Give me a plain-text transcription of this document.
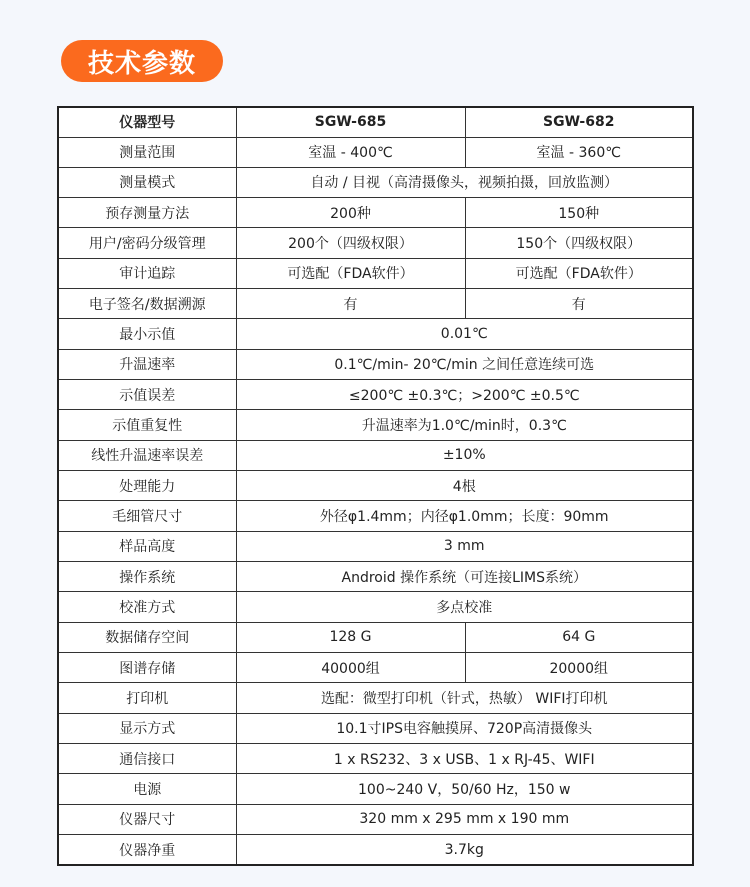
技术参数
仪器型号	SGW-685	SGW-682
测量范围	室温 - 400℃	室温 - 360℃
测量模式	自动 / 目视（高清摄像头，视频拍摄，回放监测）	
预存测量方法	200种	150种
用户/密码分级管理	200个（四级权限）	150个（四级权限）
审计追踪	可选配（FDA软件）	可选配（FDA软件）
电子签名/数据溯源	有	有
最小示值	0.01℃	
升温速率	0.1℃/min- 20℃/min 之间任意连续可选	
示值误差	≤200℃ ±0.3℃；>200℃ ±0.5℃	
示值重复性	升温速率为1.0℃/min时，0.3℃	
线性升温速率误差	±10%	
处理能力	4根	
毛细管尺寸	外径φ1.4mm；内径φ1.0mm；长度：90mm	
样品高度	3 mm	
操作系统	Android 操作系统（可连接LIMS系统）	
校准方式	多点校准	
数据储存空间	128 G	64 G
图谱存储	40000组	20000组
打印机	选配：微型打印机（针式，热敏） WIFI打印机	
显示方式	10.1寸IPS电容触摸屏、720P高清摄像头	
通信接口	1 x RS232、3 x USB、1 x RJ-45、WIFI	
电源	100~240 V，50/60 Hz，150 w	
仪器尺寸	320 mm x 295 mm x 190 mm	
仪器净重	3.7kg	
